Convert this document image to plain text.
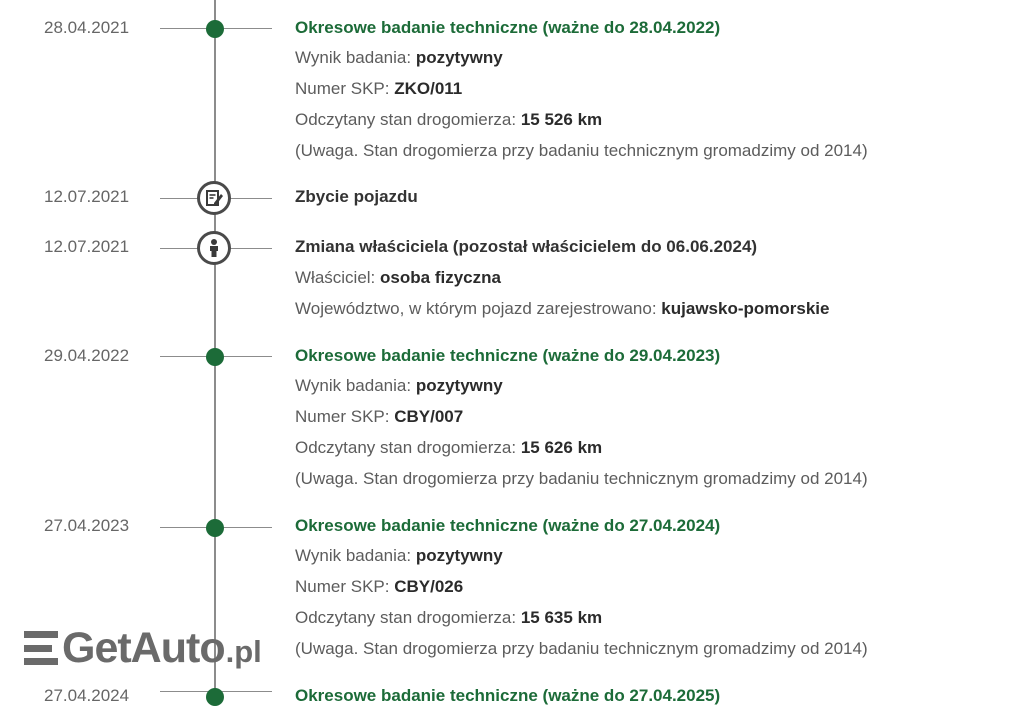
28.04.2021	Okresowe badanie techniczne (ważne do 28.04.2022)
Wynik badania: pozytywny
Numer SKP: ZKO/011
Odczytany stan drogomierza: 15 526 km
(Uwaga. Stan drogomierza przy badaniu technicznym gromadzimy od 2014)
12.07.2021	Zbycie pojazdu
12.07.2021	Zmiana właściciela (pozostał właścicielem do 06.06.2024)
Właściciel: osoba fizyczna
Województwo, w którym pojazd zarejestrowano: kujawsko-pomorskie
29.04.2022	Okresowe badanie techniczne (ważne do 29.04.2023)
Wynik badania: pozytywny
Numer SKP: CBY/007
Odczytany stan drogomierza: 15 626 km
(Uwaga. Stan drogomierza przy badaniu technicznym gromadzimy od 2014)
27.04.2023	Okresowe badanie techniczne (ważne do 27.04.2024)
Wynik badania: pozytywny
Numer SKP: CBY/026
Odczytany stan drogomierza: 15 635 km
(Uwaga. Stan drogomierza przy badaniu technicznym gromadzimy od 2014)
27.04.2024	Okresowe badanie techniczne (ważne do 27.04.2025)
GetAuto .pl
